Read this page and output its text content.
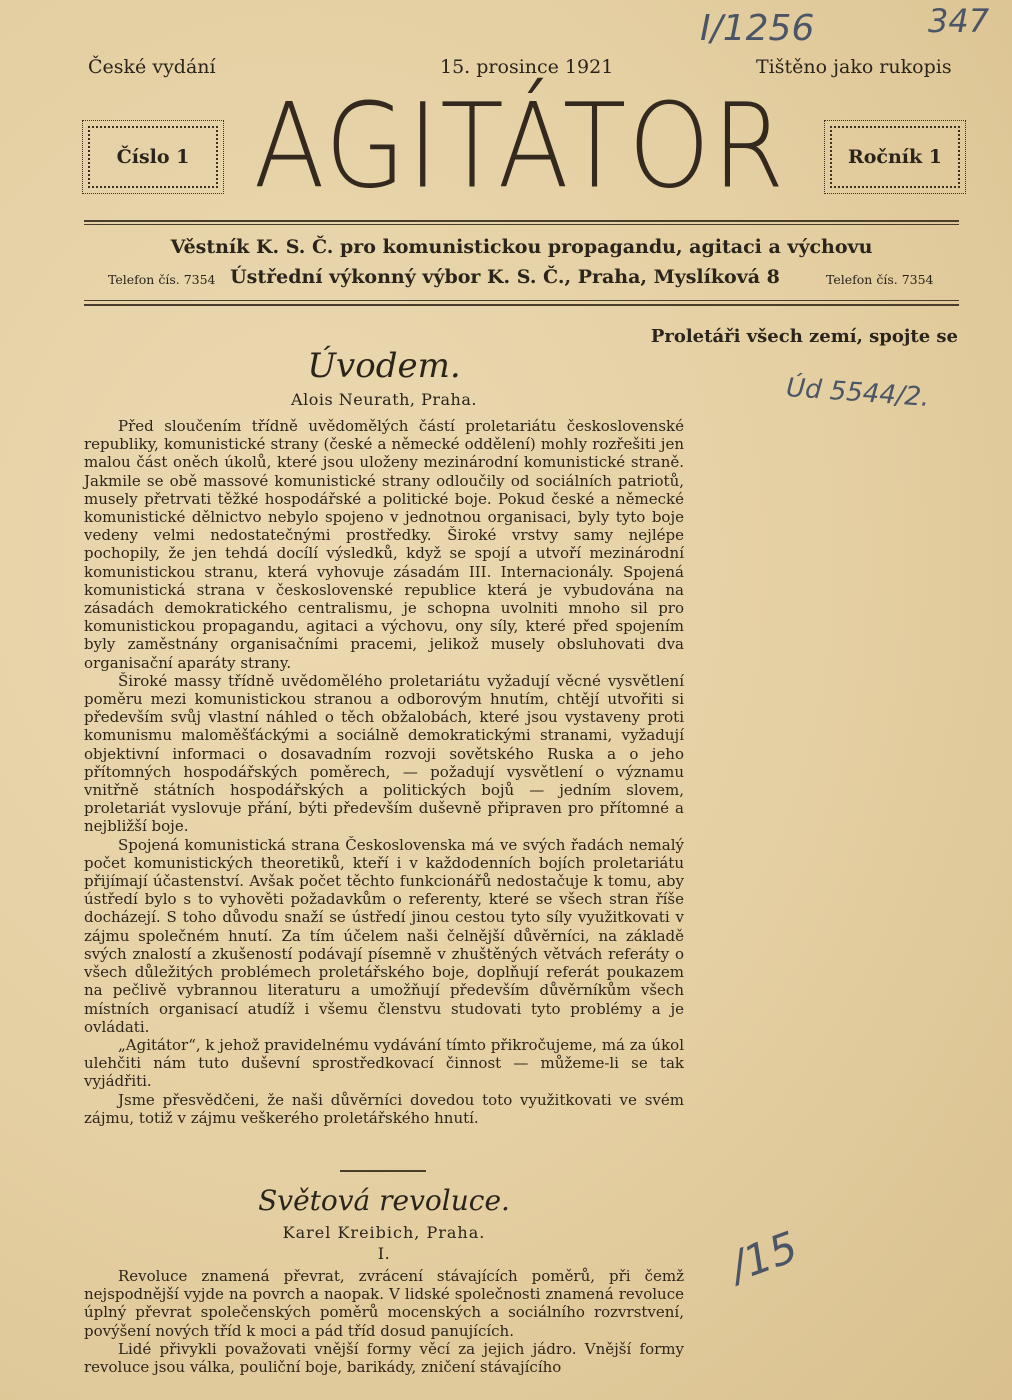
České vydání	15. prosince 1921	Tištěno jako rukopis
I/1256	347
Úd 5544/2.
/15
Číslo 1	Ročník 1
AGITÁTOR
Věstník K. S. Č. pro komunistickou propagandu, agitaci a výchovu
Telefon čís. 7354 Ústřední výkonný výbor K. S. Č., Praha, Myslíková 8	Telefon čís. 7354
Proletáři všech zemí, spojte se
Úvodem.
Alois Neurath, Praha.

Před sloučením třídně uvědomělých částí proletariátu československé republiky, komunistické strany (české a německé oddělení) mohly rozřešiti jen malou část oněch úkolů, které jsou uloženy mezinárodní komunistické straně. Jakmile se obě massové komunistické strany odloučily od sociálních patriotů, musely přetrvati těžké hospodářské a politické boje. Pokud české a německé komunistické dělnictvo nebylo spojeno v jednotnou organisaci, byly tyto boje vedeny velmi nedostatečnými prostředky. Široké vrstvy samy nejlépe pochopily, že jen tehdá docílí výsledků, když se spojí a utvoří mezinárodní komunistickou stranu, která vyhovuje zásadám III. Internacionály. Spojená komunistická strana v československé republice která je vybudována na zásadách demokratického centralismu, je schopna uvolniti mnoho sil pro komunistickou propagandu, agitaci a výchovu, ony síly, které před spojením byly zaměstnány organisačními pracemi, jelikož musely obsluhovati dva organisační aparáty strany.

Široké massy třídně uvědomělého proletariátu vyžadují věcné vysvětlení poměru mezi komunistickou stranou a odborovým hnutím, chtějí utvořiti si především svůj vlastní náhled o těch obžalobách, které jsou vystaveny proti komunismu maloměšťáckými a sociálně demokratickými stranami, vyžadují objektivní informaci o dosavadním rozvoji sovětského Ruska a o jeho přítomných hospodářských poměrech, — požadují vysvětlení o významu vnitřně státních hospodářských a politických bojů — jedním slovem, proletariát vyslovuje přání, býti především duševně připraven pro přítomné a nejbližší boje.

Spojená komunistická strana Československa má ve svých řadách nemalý počet komunistických theoretiků, kteří i v každodenních bojích proletariátu přijímají účastenství. Avšak počet těchto funkcionářů nedostačuje k tomu, aby ústředí bylo s to vyhověti požadavkům o referenty, které se všech stran říše docházejí. S toho důvodu snaží se ústředí jinou cestou tyto síly využitkovati v zájmu společném hnutí. Za tím účelem naši čelnější důvěrníci, na základě svých znalostí a zkušeností podávají písemně v zhuštěných větvách referáty o všech důležitých problémech proletářského boje, doplňují referát poukazem na pečlivě vybrannou literaturu a umožňují především důvěrníkům všech místních organisací atudíž i všemu členstvu studovati tyto problémy a je ovládati.

„Agitátor“, k jehož pravidelnému vydávání tímto přikročujeme, má za úkol ulehčiti nám tuto duševní sprostředkovací činnost — můžeme-li se tak vyjádřiti.

Jsme přesvědčeni, že naši důvěrníci dovedou toto využitkovati ve svém zájmu, totiž v zájmu veškerého proletářského hnutí.

Světová revoluce.
Karel Kreibich, Praha.
I.

Revoluce znamená převrat, zvrácení stávajících poměrů, při čemž nejspodnější vyjde na povrch a naopak. V lidské společnosti znamená revoluce úplný převrat společenských poměrů mocenských a sociálního rozvrstvení, povýšení nových tříd k moci a pád tříd dosud panujících.

Lidé přivykli považovati vnější formy věcí za jejich jádro. Vnější formy revoluce jsou válka, pouliční boje, barikády, zničení stávajícího
